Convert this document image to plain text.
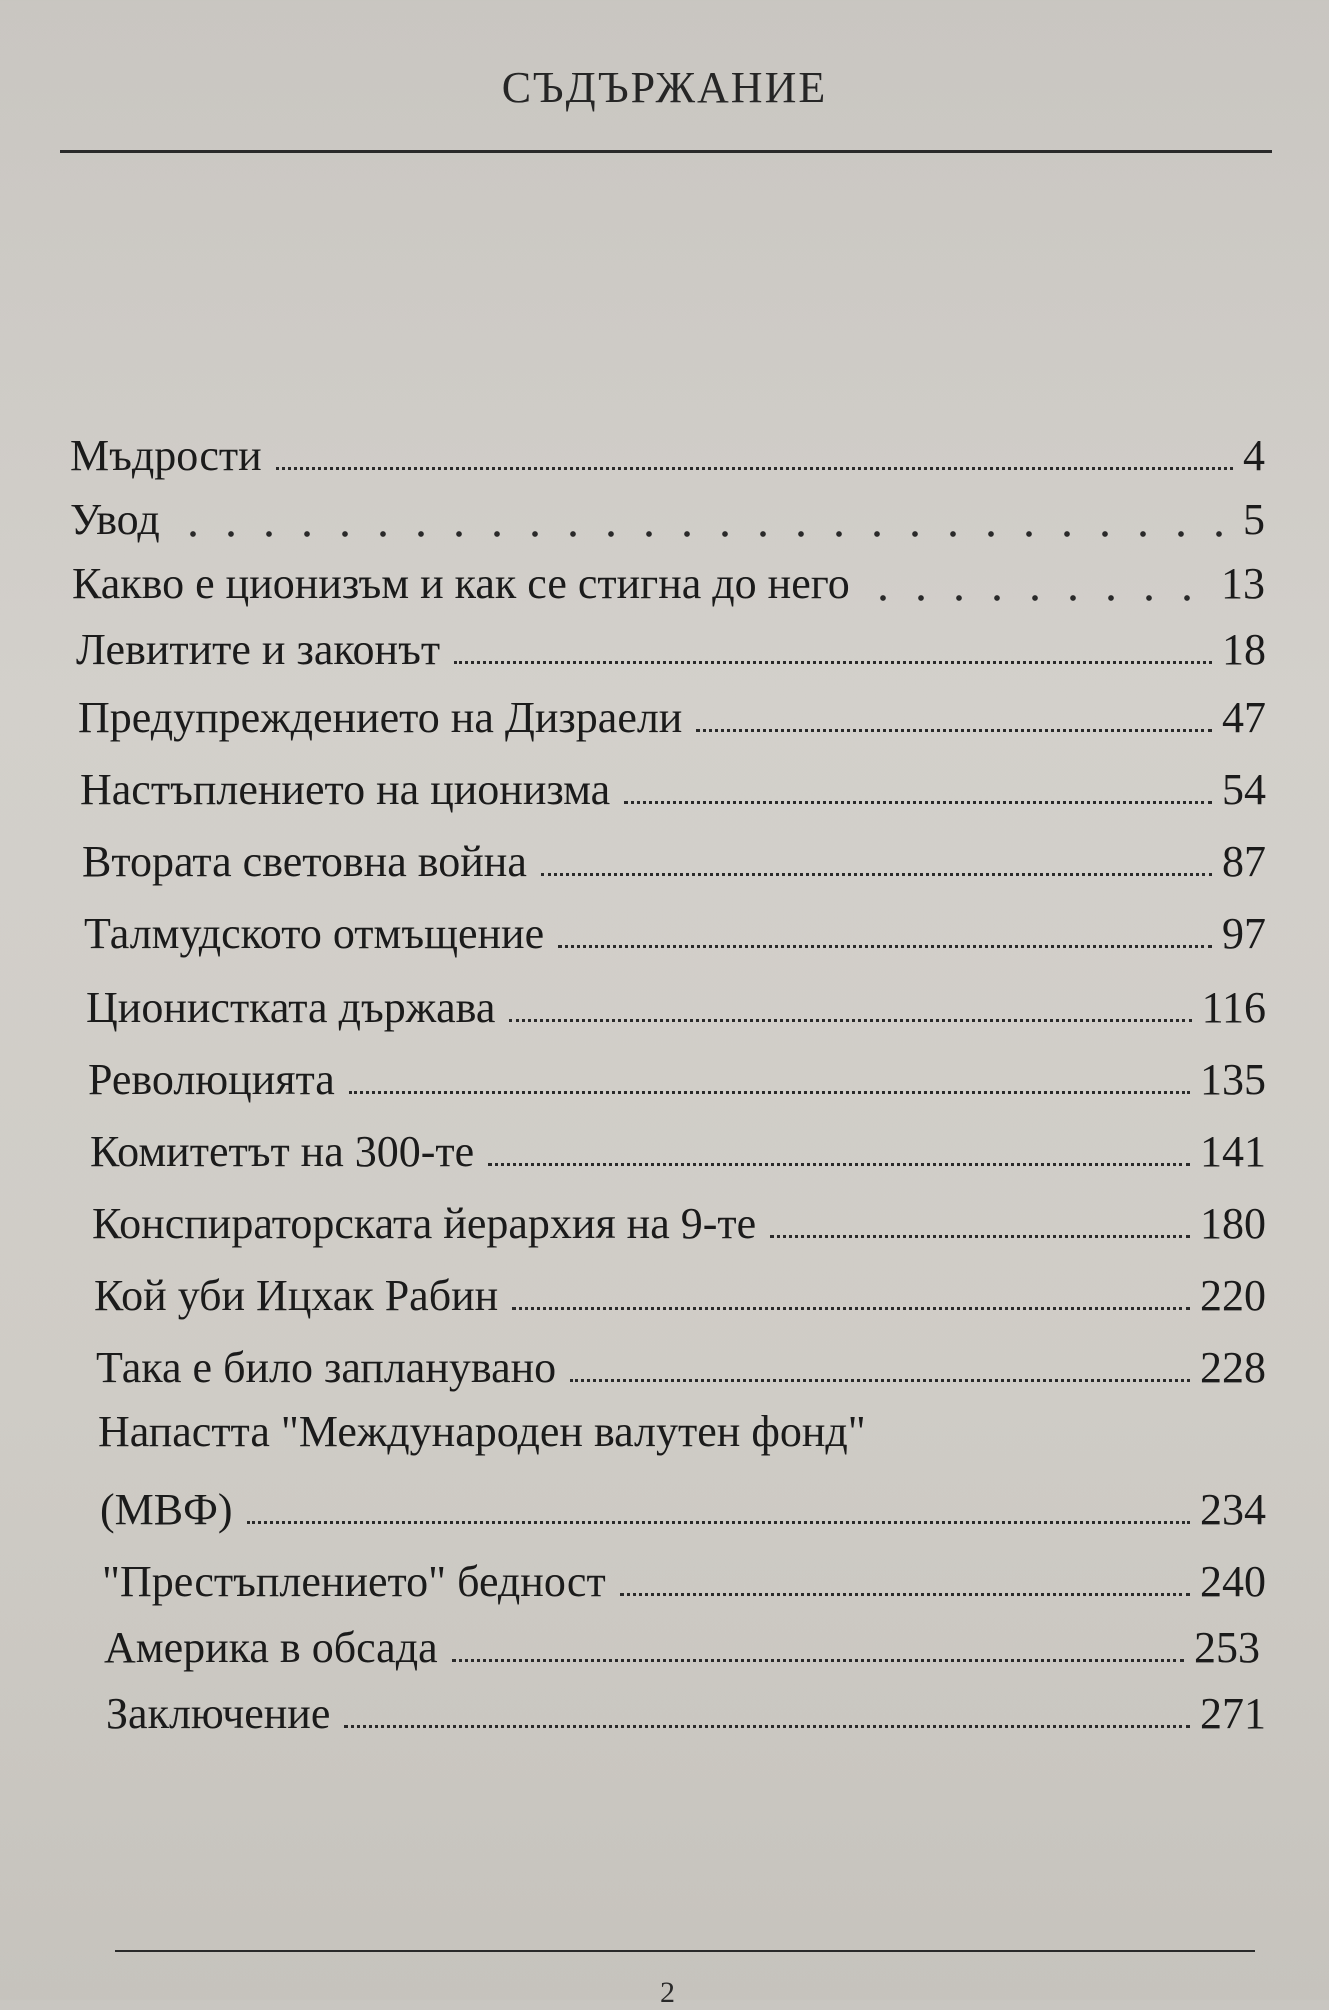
СЪДЪРЖАНИЕ
Мъдрости	4
Увод	5
Какво е ционизъм и как се стигна до него	13
Левитите и законът	18
Предупреждението на Дизраели	47
Настъплението на ционизма	54
Втората световна война	87
Талмудското отмъщение	97
Ционистката държава	116
Революцията	135
Комитетът на 300-те	141
Конспираторската йерархия на 9-те	180
Кой уби Ицхак Рабин	220
Така е било запланувано	228
Напастта "Международен валутен фонд"
(МВФ)	234
"Престъплението" бедност	240
Америка в обсада	253
Заключение	271
2
